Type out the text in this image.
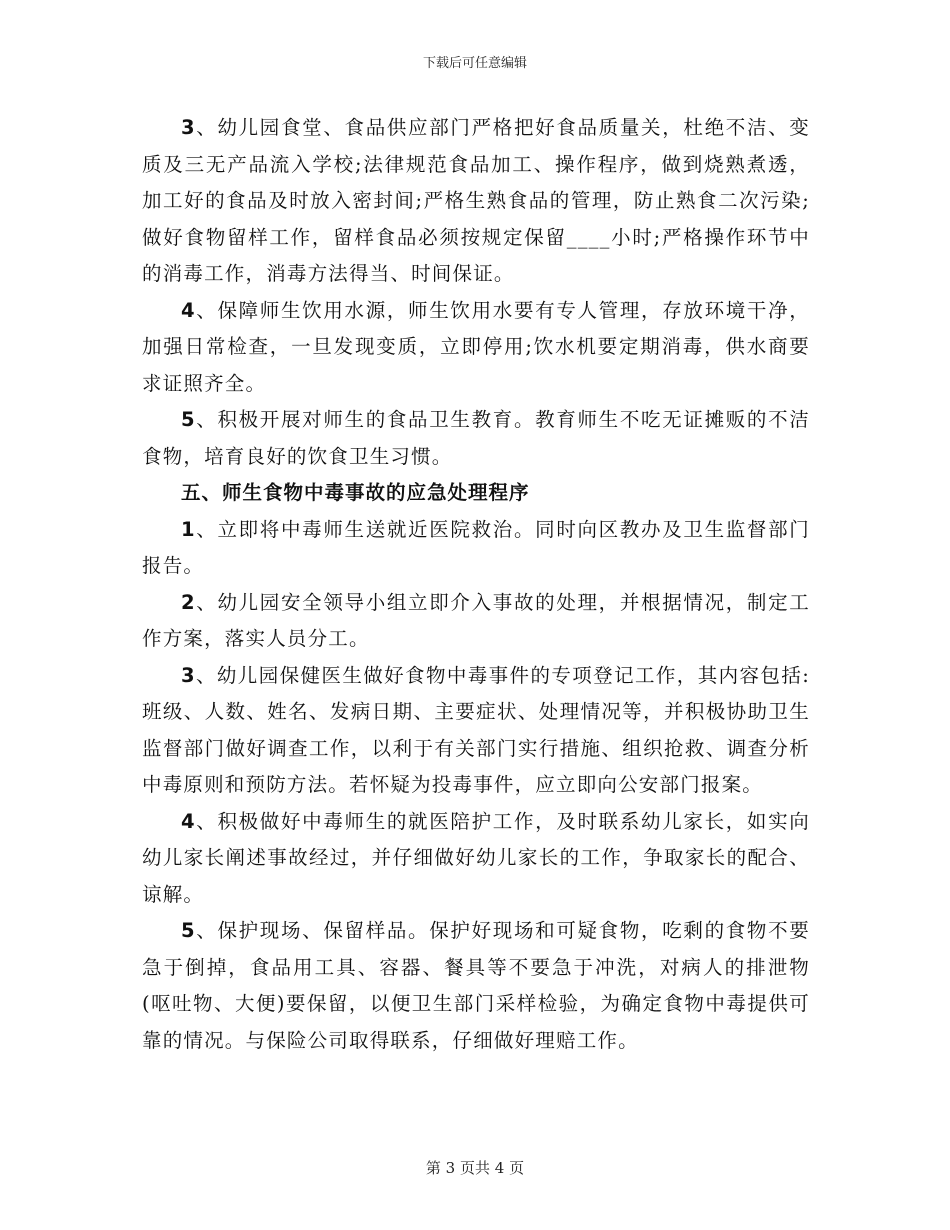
下载后可任意编辑

3、幼儿园食堂、食品供应部门严格把好食品质量关，杜绝不洁、变质及三无产品流入学校;法律规范食品加工、操作程序，做到烧熟煮透，加工好的食品及时放入密封间;严格生熟食品的管理，防止熟食二次污染;做好食物留样工作，留样食品必须按规定保留____小时;严格操作环节中的消毒工作，消毒方法得当、时间保证。

4、保障师生饮用水源，师生饮用水要有专人管理，存放环境干净，加强日常检查，一旦发现变质，立即停用;饮水机要定期消毒，供水商要求证照齐全。

5、积极开展对师生的食品卫生教育。教育师生不吃无证摊贩的不洁食物，培育良好的饮食卫生习惯。

五、师生食物中毒事故的应急处理程序

1、立即将中毒师生送就近医院救治。同时向区教办及卫生监督部门报告。

2、幼儿园安全领导小组立即介入事故的处理，并根据情况，制定工作方案，落实人员分工。

3、幼儿园保健医生做好食物中毒事件的专项登记工作，其内容包括:班级、人数、姓名、发病日期、主要症状、处理情况等，并积极协助卫生监督部门做好调查工作，以利于有关部门实行措施、组织抢救、调查分析中毒原则和预防方法。若怀疑为投毒事件，应立即向公安部门报案。

4、积极做好中毒师生的就医陪护工作，及时联系幼儿家长，如实向幼儿家长阐述事故经过，并仔细做好幼儿家长的工作，争取家长的配合、谅解。

5、保护现场、保留样品。保护好现场和可疑食物，吃剩的食物不要急于倒掉，食品用工具、容器、餐具等不要急于冲洗，对病人的排泄物(呕吐物、大便)要保留，以便卫生部门采样检验，为确定食物中毒提供可靠的情况。与保险公司取得联系，仔细做好理赔工作。

第 3 页共 4 页
